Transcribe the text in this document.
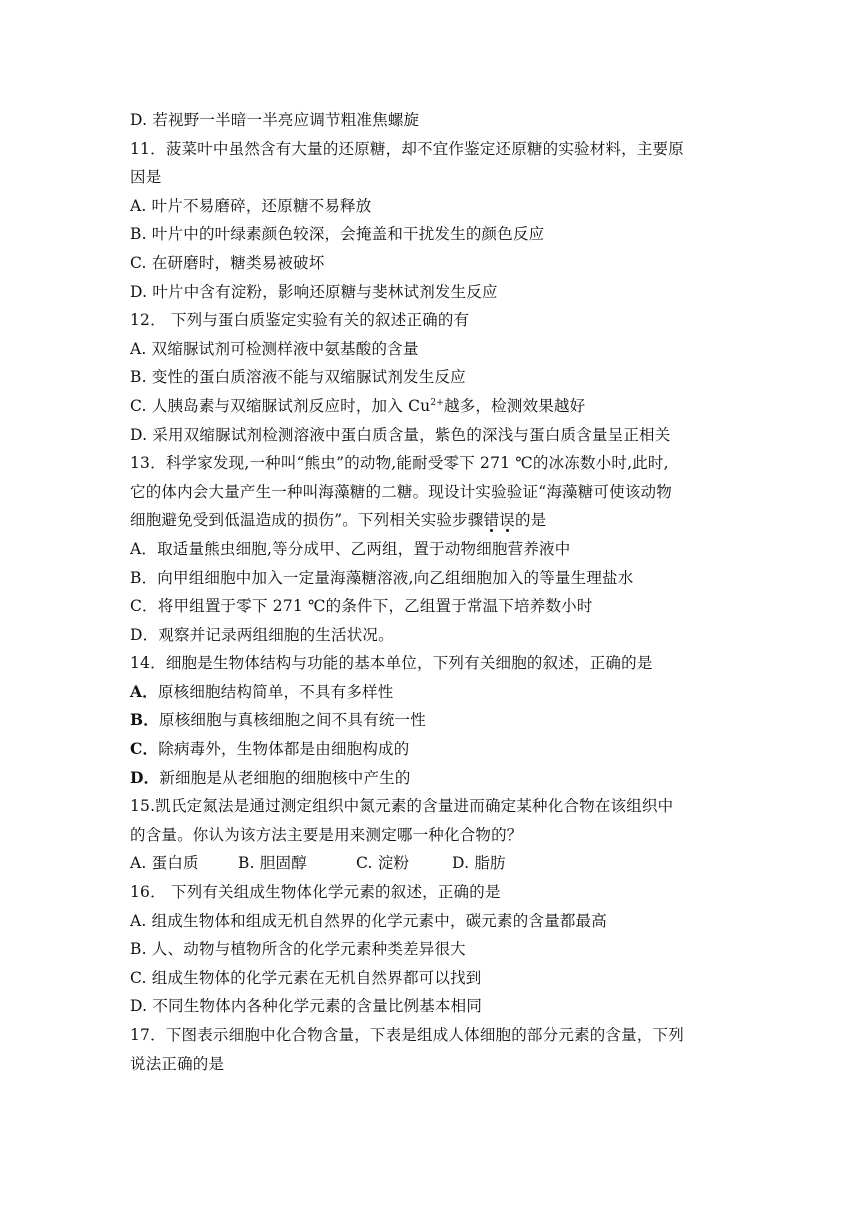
D. 若视野一半暗一半亮应调节粗准焦螺旋
11．菠菜叶中虽然含有大量的还原糖，却不宜作鉴定还原糖的实验材料，主要原
因是
A. 叶片不易磨碎，还原糖不易释放
B. 叶片中的叶绿素颜色较深，会掩盖和干扰发生的颜色反应
C. 在研磨时，糖类易被破坏
D. 叶片中含有淀粉，影响还原糖与斐林试剂发生反应
12． 下列与蛋白质鉴定实验有关的叙述正确的有
A. 双缩脲试剂可检测样液中氨基酸的含量
B. 变性的蛋白质溶液不能与双缩脲试剂发生反应
C. 人胰岛素与双缩脲试剂反应时，加入 $Cu^{2+}$越多，检测效果越好
D. 采用双缩脲试剂检测溶液中蛋白质含量，紫色的深浅与蛋白质含量呈正相关
13．科学家发现,一种叫“熊虫”的动物,能耐受零下 271 ℃的冰冻数小时,此时,
它的体内会大量产生一种叫海藻糖的二糖。现设计实验验证“海藻糖可使该动物
细胞避免受到低温造成的损伤”。下列相关实验步骤错误的是
A．取适量熊虫细胞,等分成甲、乙两组，置于动物细胞营养液中
B．向甲组细胞中加入一定量海藻糖溶液,向乙组细胞加入的等量生理盐水
C．将甲组置于零下 271 ℃的条件下，乙组置于常温下培养数小时
D．观察并记录两组细胞的生活状况。
14．细胞是生物体结构与功能的基本单位，下列有关细胞的叙述，正确的是
A．原核细胞结构简单，不具有多样性
B．原核细胞与真核细胞之间不具有统一性
C．除病毒外，生物体都是由细胞构成的
D．新细胞是从老细胞的细胞核中产生的
15.凯氏定氮法是通过测定组织中氮元素的含量进而确定某种化合物在该组织中
的含量。你认为该方法主要是用来测定哪一种化合物的？
A. 蛋白质	B. 胆固醇	C. 淀粉	D. 脂肪
16． 下列有关组成生物体化学元素的叙述，正确的是
A. 组成生物体和组成无机自然界的化学元素中，碳元素的含量都最高
B. 人、动物与植物所含的化学元素种类差异很大
C. 组成生物体的化学元素在无机自然界都可以找到
D. 不同生物体内各种化学元素的含量比例基本相同
17．下图表示细胞中化合物含量，下表是组成人体细胞的部分元素的含量，下列
说法正确的是
